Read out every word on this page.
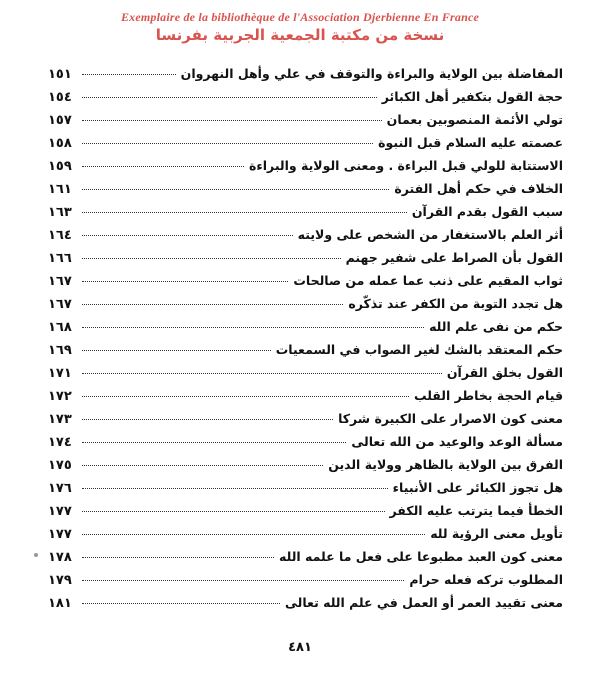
Exemplaire de la bibliothèque de l'Association Djerbienne En France
نسخة من مكتبة الجمعية الجربية بفرنسا
المفاضلة بين الولاية والبراءة والتوقف في علي وأهل النهروان
١٥١
حجة القول بتكفير أهل الكبائر
١٥٤
تولي الأئمة المنصوبين بعمان
١٥٧
عصمته عليه السلام قبل النبوة
١٥٨
الاستتابة للولي قبل البراءة . ومعنى الولاية والبراءة
١٥٩
الخلاف في حكم أهل الفترة
١٦١
سبب القول بقدم القرآن
١٦٣
أثر العلم بالاستغفار من الشخص على ولايته
١٦٤
القول بأن الصراط على شفير جهنم
١٦٦
ثواب المقيم على ذنب عما عمله من صالحات
١٦٧
هل تجدد التوبة من الكفر عند تذكّره
١٦٧
حكم من نفى علم الله
١٦٨
حكم المعتقد بالشك لغير الصواب في السمعيات
١٦٩
القول بخلق القرآن
١٧١
قيام الحجة بخاطر القلب
١٧٢
معنى كون الاصرار على الكبيرة شركا
١٧٣
مسألة الوعد والوعيد من الله تعالى
١٧٤
الفرق بين الولاية بالظاهر وولاية الدين
١٧٥
هل تجوز الكبائر على الأنبياء
١٧٦
الخطأ فيما يترتب عليه الكفر
١٧٧
تأويل معنى الرؤية لله
١٧٧
معنى كون العبد مطبوعا على فعل ما علمه الله
١٧٨
المطلوب تركه فعله حرام
١٧٩
معنى تقييد العمر أو العمل في علم الله تعالى
١٨١
٤٨١
